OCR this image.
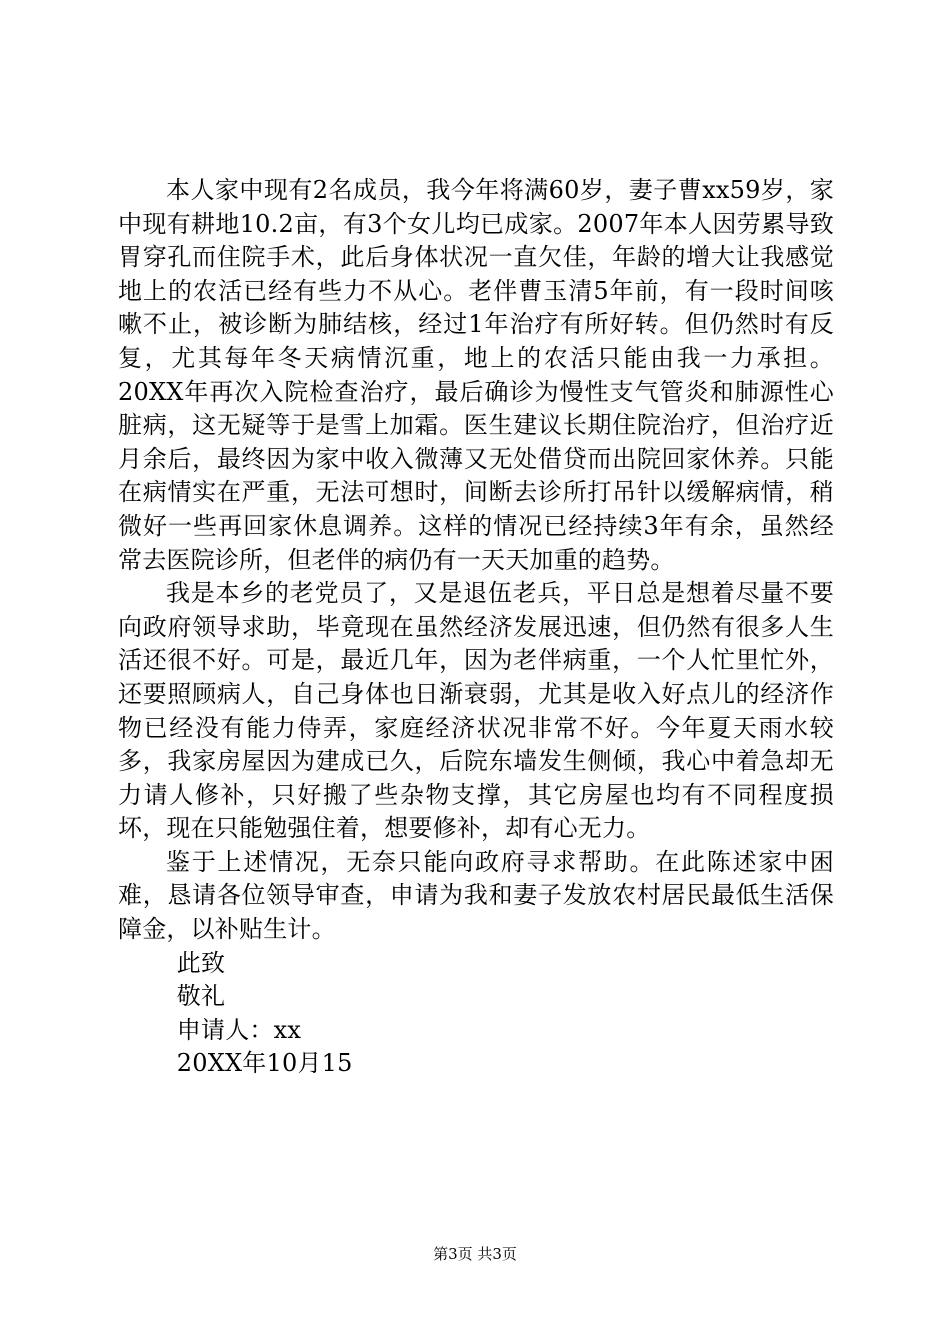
本人家中现有2名成员，我今年将满60岁，妻子曹xx59岁，家中现有耕地10.2亩，有3个女儿均已成家。2007年本人因劳累导致胃穿孔而住院手术，此后身体状况一直欠佳，年龄的增大让我感觉地上的农活已经有些力不从心。老伴曹玉清5年前，有一段时间咳嗽不止，被诊断为肺结核，经过1年治疗有所好转。但仍然时有反复，尤其每年冬天病情沉重，地上的农活只能由我一力承担。20XX年再次入院检查治疗，最后确诊为慢性支气管炎和肺源性心脏病，这无疑等于是雪上加霜。医生建议长期住院治疗，但治疗近月余后，最终因为家中收入微薄又无处借贷而出院回家休养。只能在病情实在严重，无法可想时，间断去诊所打吊针以缓解病情，稍微好一些再回家休息调养。这样的情况已经持续3年有余，虽然经常去医院诊所，但老伴的病仍有一天天加重的趋势。

我是本乡的老党员了，又是退伍老兵，平日总是想着尽量不要向政府领导求助，毕竟现在虽然经济发展迅速，但仍然有很多人生活还很不好。可是，最近几年，因为老伴病重，一个人忙里忙外，还要照顾病人，自己身体也日渐衰弱，尤其是收入好点儿的经济作物已经没有能力侍弄，家庭经济状况非常不好。今年夏天雨水较多，我家房屋因为建成已久，后院东墙发生侧倾，我心中着急却无力请人修补，只好搬了些杂物支撑，其它房屋也均有不同程度损坏，现在只能勉强住着，想要修补，却有心无力。

鉴于上述情况，无奈只能向政府寻求帮助。在此陈述家中困难，恳请各位领导审查，申请为我和妻子发放农村居民最低生活保障金，以补贴生计。

此致

敬礼

申请人：xx

20XX年10月15

第3页 共3页
